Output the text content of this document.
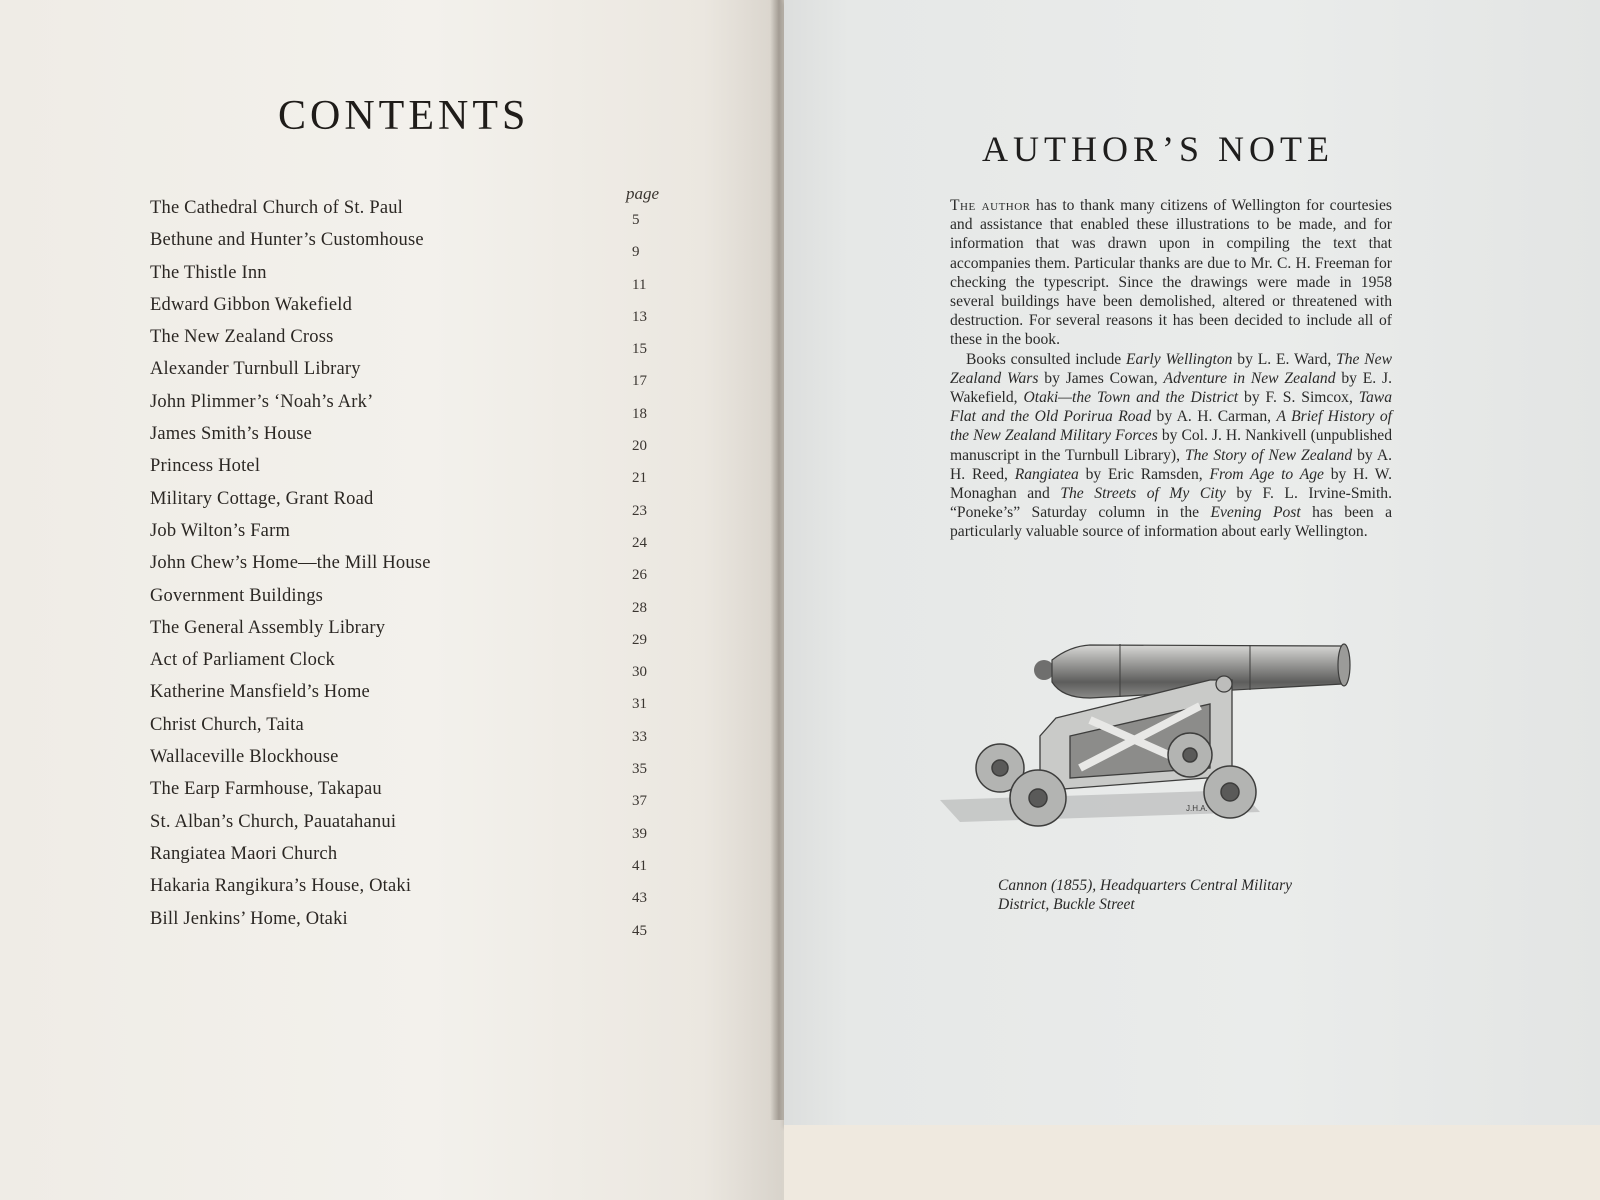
CONTENTS
page
The Cathedral Church of St. Paul
5
Bethune and Hunter’s Customhouse
9
The Thistle Inn
11
Edward Gibbon Wakefield
13
The New Zealand Cross
15
Alexander Turnbull Library
17
John Plimmer’s ‘Noah’s Ark’
18
James Smith’s House
20
Princess Hotel
21
Military Cottage, Grant Road
23
Job Wilton’s Farm
24
John Chew’s Home—the Mill House
26
Government Buildings
28
The General Assembly Library
29
Act of Parliament Clock
30
Katherine Mansfield’s Home
31
Christ Church, Taita
33
Wallaceville Blockhouse
35
The Earp Farmhouse, Takapau
37
St. Alban’s Church, Pauatahanui
39
Rangiatea Maori Church
41
Hakaria Rangikura’s House, Otaki
43
Bill Jenkins’ Home, Otaki
45
AUTHOR’S NOTE

The author has to thank many citizens of Wellington for courtesies and assistance that enabled these illustrations to be made, and for information that was drawn upon in compiling the text that accompanies them. Particular thanks are due to Mr. C. H. Freeman for checking the typescript. Since the drawings were made in 1958 several buildings have been demolished, altered or threatened with destruction. For several reasons it has been decided to include all of these in the book.

Books consulted include Early Wellington by L. E. Ward, The New Zealand Wars by James Cowan, Adventure in New Zealand by E. J. Wakefield, Otaki—the Town and the District by F. S. Simcox, Tawa Flat and the Old Porirua Road by A. H. Carman, A Brief History of the New Zealand Military Forces by Col. J. H. Nankivell (unpublished manuscript in the Turnbull Library), The Story of New Zealand by A. H. Reed, Rangiatea by Eric Ramsden, From Age to Age by H. W. Monaghan and The Streets of My City by F. L. Irvine-Smith. “Poneke’s” Saturday column in the Evening Post has been a particularly valuable source of information about early Wellington.

J.H.A.
Cannon (1855), Headquarters Central Military District, Buckle Street
